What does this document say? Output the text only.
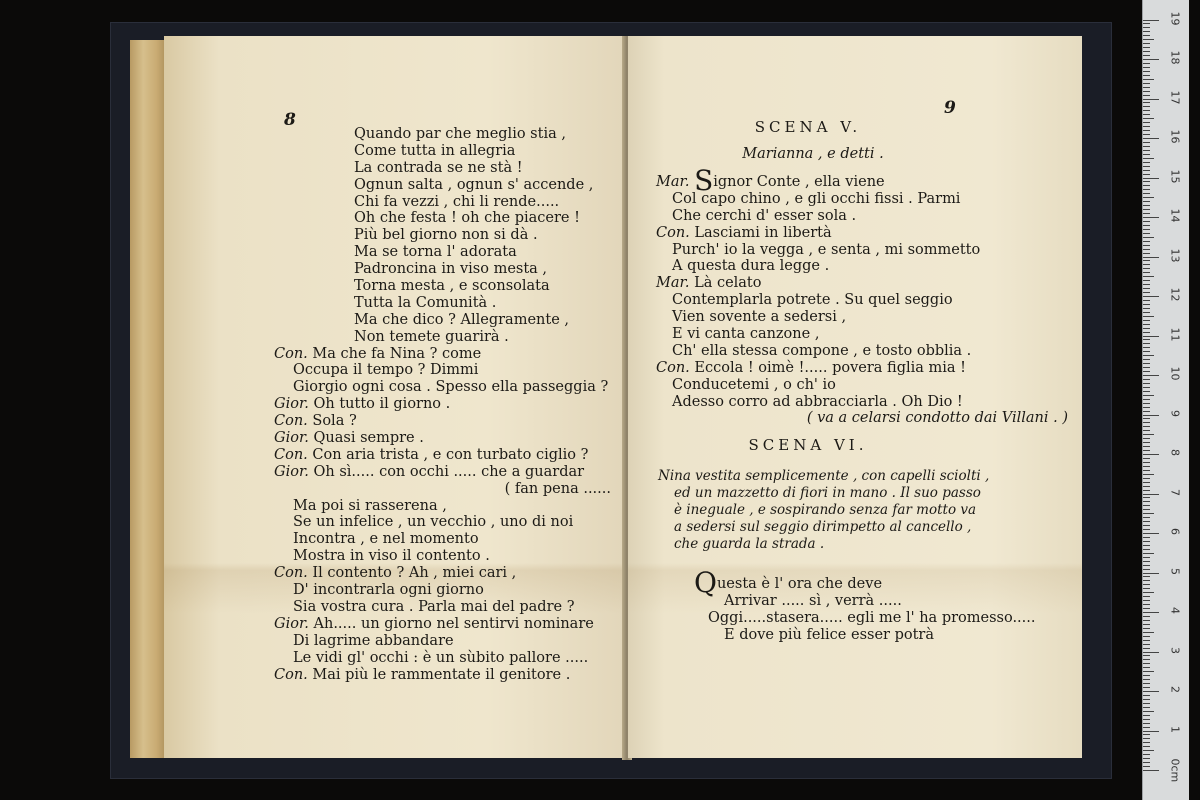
8
Quando par che meglio stia ,
Come tutta in allegria
La contrada se ne stà !
Ognun salta , ognun s' accende ,
Chi fa vezzi , chi li rende.....
Oh che festa ! oh che piacere !
Più bel giorno non si dà .
Ma se torna l' adorata
Padroncina in viso mesta ,
Torna mesta , e sconsolata
Tutta la Comunità .
Ma che dico ? Allegramente ,
Non temete guarirà .
Con. Ma che fa Nina ? come
Occupa il tempo ? Dimmi
Giorgio ogni cosa . Spesso ella passeggia ?
Gior. Oh tutto il giorno .
Con. Sola ?
Gior. Quasi sempre .
Con. Con aria trista , e con turbato ciglio ?
Gior. Oh sì..... con occhi ..... che a guardar
( fan pena ......
Ma poi si rasserena ,
Se un infelice , un vecchio , uno di noi
Incontra , e nel momento
Mostra in viso il contento .
Con. Il contento ? Ah , miei cari ,
D' incontrarla ogni giorno
Sia vostra cura . Parla mai del padre ?
Gior. Ah..... un giorno nel sentirvi nominare
Di lagrime abbandare
Le vidi gl' occhi : è un sùbito pallore .....
Con. Mai più le rammentate il genitore .
9
SCENA V.
Marianna , e detti .
Mar. Signor Conte , ella viene
Col capo chino , e gli occhi fissi . Parmi
Che cerchi d' esser sola .
Con. Lasciami in libertà
Purch' io la vegga , e senta , mi sommetto
A questa dura legge .
Mar. Là celato
Contemplarla potrete . Su quel seggio
Vien sovente a sedersi ,
E vi canta canzone ,
Ch' ella stessa compone , e tosto obblia .
Con. Eccola ! oimè !..... povera figlia mia !
Conducetemi , o ch' io
Adesso corro ad abbracciarla . Oh Dio !
( va a celarsi condotto dai Villani . )
SCENA VI.
Nina vestita semplicemente , con capelli sciolti ,
ed un mazzetto di fiori in mano . Il suo passo
è ineguale , e sospirando senza far motto va
a sedersi sul seggio dirimpetto al cancello ,
che guarda la strada .
Questa è l' ora che deve
Arrivar ..... sì , verrà .....
Oggi.....stasera..... egli me l' ha promesso.....
E dove più felice esser potrà
0cm
1
2
3
4
5
6
7
8
9
10
11
12
13
14
15
16
17
18
19
